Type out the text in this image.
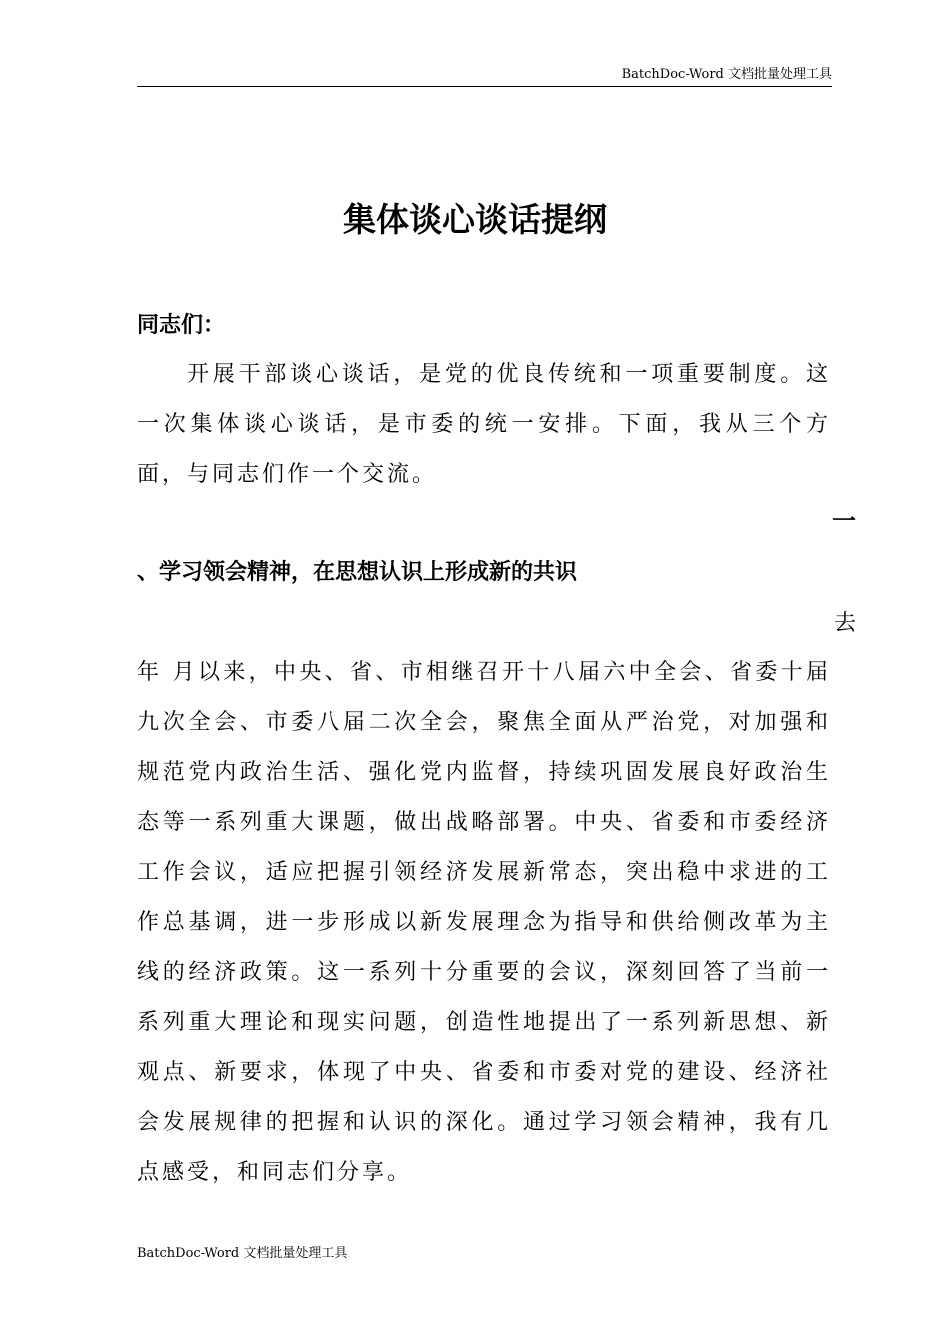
BatchDoc-Word 文档批量处理工具
集体谈心谈话提纲
同志们：
开展干部谈心谈话，是党的优良传统和一项重要制度。这一次集体谈心谈话，是市委的统一安排。下面，我从三个方面，与同志们作一个交流。
一
、学习领会精神，在思想认识上形成新的共识
去
年 月以来，中央、省、市相继召开十八届六中全会、省委十届九次全会、市委八届二次全会，聚焦全面从严治党，对加强和规范党内政治生活、强化党内监督，持续巩固发展良好政治生态等一系列重大课题，做出战略部署。中央、省委和市委经济工作会议，适应把握引领经济发展新常态，突出稳中求进的工作总基调，进一步形成以新发展理念为指导和供给侧改革为主线的经济政策。这一系列十分重要的会议，深刻回答了当前一系列重大理论和现实问题，创造性地提出了一系列新思想、新观点、新要求，体现了中央、省委和市委对党的建设、经济社会发展规律的把握和认识的深化。通过学习领会精神，我有几点感受，和同志们分享。
BatchDoc-Word 文档批量处理工具
